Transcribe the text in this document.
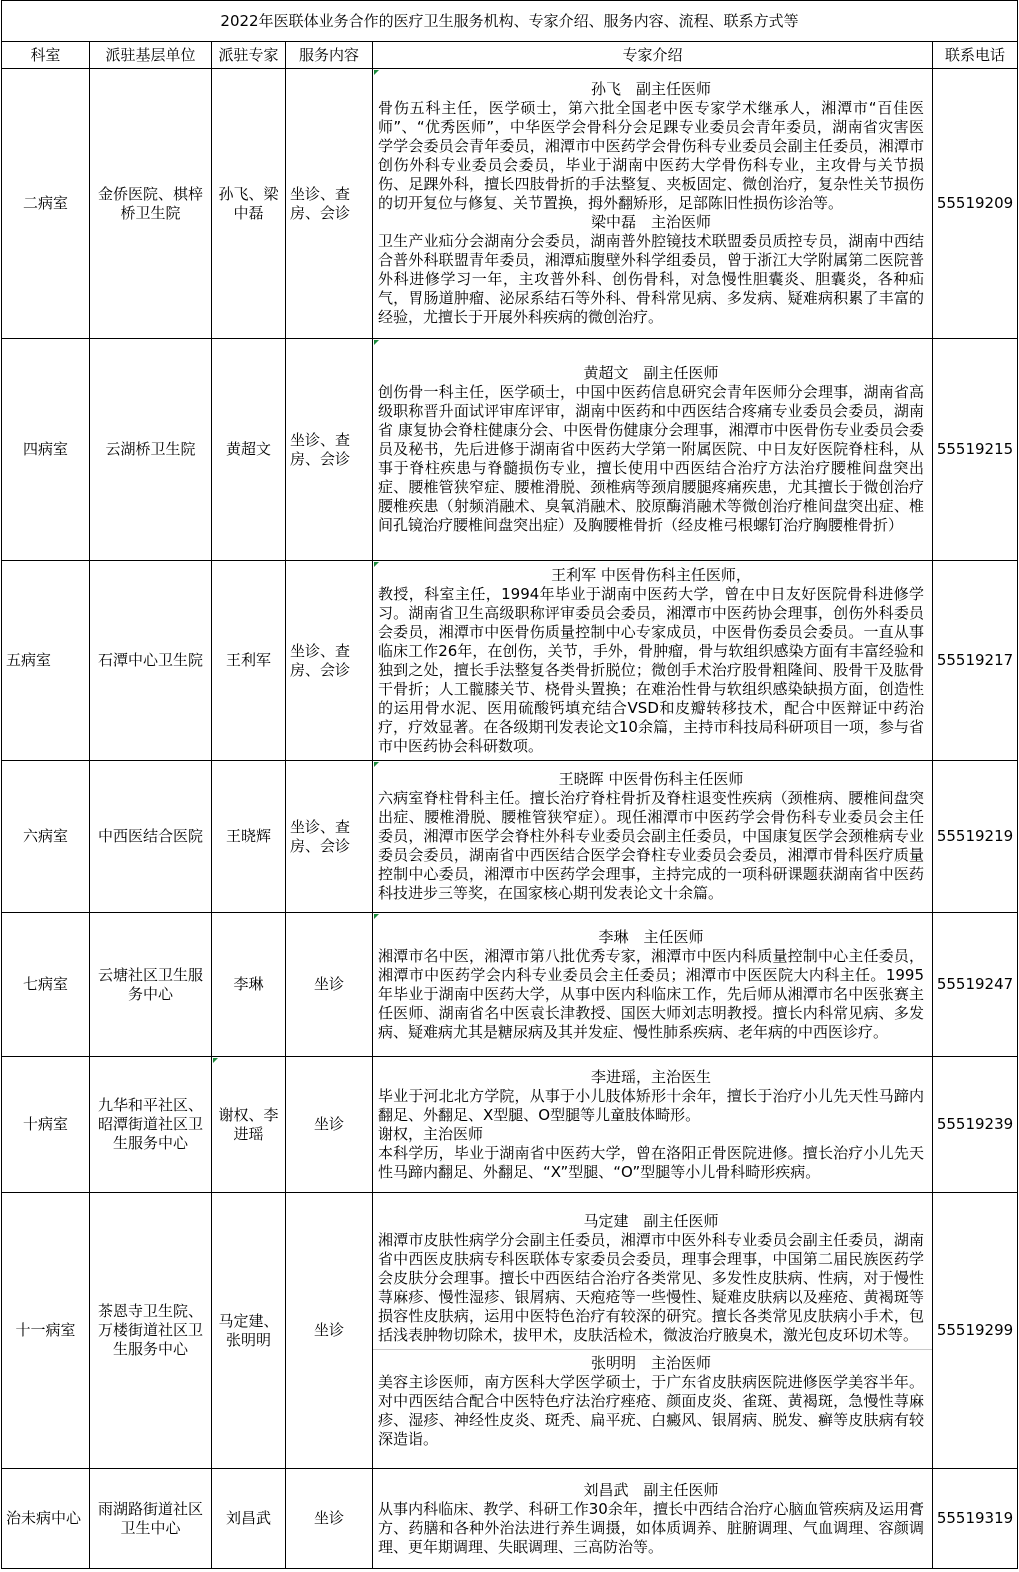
2022年医联体业务合作的医疗卫生服务机构、专家介绍、服务内容、流程、联系方式等					
科室	派驻基层单位	派驻专家	服务内容	专家介绍	联系电话
二病室	金侨医院、棋梓桥卫生院	孙飞、梁中磊	坐诊、查房、会诊	孙飞　副主任医师
骨伤五科主任，医学硕士，第六批全国老中医专家学术继承人，湘潭市“百佳医师”、“优秀医师”，中华医学会骨科分会足踝专业委员会青年委员，湖南省灾害医学学会委员会青年委员，湘潭市中医药学会骨伤科专业委员会副主任委员，湘潭市创伤外科专业委员会委员，毕业于湖南中医药大学骨伤科专业，主攻骨与关节损伤、足踝外科，擅长四肢骨折的手法整复、夹板固定、微创治疗，复杂性关节损伤的切开复位与修复、关节置换，拇外翻矫形，足部陈旧性损伤诊治等。
梁中磊　主治医师
卫生产业疝分会湖南分会委员，湖南普外腔镜技术联盟委员质控专员，湖南中西结合普外科联盟青年委员，湘潭疝腹壁外科学组委员，曾于浙江大学附属第二医院普外科进修学习一年，主攻普外科、创伤骨科，对急慢性胆囊炎、胆囊炎，各种疝气，胃肠道肿瘤、泌尿系结石等外科、骨科常见病、多发病、疑难病积累了丰富的经验，尤擅长于开展外科疾病的微创治疗。	55519209
四病室	云湖桥卫生院	黄超文	坐诊、查房、会诊	黄超文　副主任医师
创伤骨一科主任，医学硕士，中国中医药信息研究会青年医师分会理事，湖南省高级职称晋升面试评审库评审，湖南中医药和中西医结合疼痛专业委员会委员，湖南省 康复协会脊柱健康分会、中医骨伤健康分会理事，湘潭市中医骨伤专业委员会委员及秘书，先后进修于湖南省中医药大学第一附属医院、中日友好医院脊柱科，从事于脊柱疾患与脊髓损伤专业，擅长使用中西医结合治疗方法治疗腰椎间盘突出症、腰椎管狭窄症、腰椎滑脱、颈椎病等颈肩腰腿疼痛疾患，尤其擅长于微创治疗腰椎疾患（射频消融术、臭氧消融术、胶原酶消融术等微创治疗椎间盘突出症、椎间孔镜治疗腰椎间盘突出症）及胸腰椎骨折（经皮椎弓根螺钉治疗胸腰椎骨折）	55519215
五病室	石潭中心卫生院	王利军	坐诊、查房、会诊	王利军 中医骨伤科主任医师，
教授，科室主任，1994年毕业于湖南中医药大学，曾在中日友好医院骨科进修学习。湖南省卫生高级职称评审委员会委员，湘潭市中医药协会理事，创伤外科委员会委员，湘潭市中医骨伤质量控制中心专家成员，中医骨伤委员会委员。一直从事临床工作26年，在创伤，关节，手外，骨肿瘤，骨与软组织感染方面有丰富经验和独到之处，擅长手法整复各类骨折脱位；微创手术治疗股骨粗隆间、股骨干及肱骨干骨折；人工髋膝关节、桡骨头置换；在难治性骨与软组织感染缺损方面，创造性的运用骨水泥、医用硫酸钙填充结合VSD和皮瓣转移技术，配合中医辩证中药治疗，疗效显著。在各级期刊发表论文10余篇，主持市科技局科研项目一项，参与省市中医药协会科研数项。	55519217
六病室	中西医结合医院	王晓辉	坐诊、查房、会诊	王晓晖 中医骨伤科主任医师
六病室脊柱骨科主任。擅长治疗脊柱骨折及脊柱退变性疾病（颈椎病、腰椎间盘突出症、腰椎滑脱、腰椎管狭窄症）。现任湘潭市中医药学会骨伤科专业委员会主任委员，湘潭市医学会脊柱外科专业委员会副主任委员，中国康复医学会颈椎病专业委员会委员，湖南省中西医结合医学会脊柱专业委员会委员，湘潭市骨科医疗质量控制中心委员，湘潭市中医药学会理事，主持完成的一项科研课题获湖南省中医药科技进步三等奖，在国家核心期刊发表论文十余篇。	55519219
七病室	云塘社区卫生服务中心	李琳	坐诊	李琳　主任医师
湘潭市名中医，湘潭市第八批优秀专家，湘潭市中医内科质量控制中心主任委员，湘潭市中医药学会内科专业委员会主任委员；湘潭市中医医院大内科主任。1995年毕业于湖南中医药大学，从事中医内科临床工作，先后师从湘潭市名中医张赛主任医师、湖南省名中医袁长津教授、国医大师刘志明教授。擅长内科常见病、多发病、疑难病尤其是糖尿病及其并发症、慢性肺系疾病、老年病的中西医诊疗。	55519247
十病室	九华和平社区、昭潭街道社区卫生服务中心	谢权、李进瑶	坐诊	李进瑶，主治医生
毕业于河北北方学院，从事于小儿肢体矫形十余年，擅长于治疗小儿先天性马蹄内翻足、外翻足、X型腿、O型腿等儿童肢体畸形。
谢权，主治医师
本科学历，毕业于湖南省中医药大学，曾在洛阳正骨医院进修。擅长治疗小儿先天性马蹄内翻足、外翻足、“X”型腿、“O”型腿等小儿骨科畸形疾病。	55519239
十一病室	茶恩寺卫生院、万楼街道社区卫生服务中心	马定建、张明明	坐诊	马定建　副主任医师
湘潭市皮肤性病学分会副主任委员，湘潭市中医外科专业委员会副主任委员，湖南省中西医皮肤病专科医联体专家委员会委员，理事会理事，中国第二届民族医药学会皮肤分会理事。擅长中西医结合治疗各类常见、多发性皮肤病、性病，对于慢性荨麻疹、慢性湿疹、银屑病、天疱疮等一些慢性、疑难皮肤病以及痤疮、黄褐斑等损容性皮肤病，运用中医特色治疗有较深的研究。擅长各类常见皮肤病小手术，包括浅表肿物切除术，拔甲术，皮肤活检术，微波治疗腋臭术，激光包皮环切术等。
张明明　主治医师
美容主诊医师，南方医科大学医学硕士，于广东省皮肤病医院进修医学美容半年。对中西医结合配合中医特色疗法治疗痤疮、颜面皮炎、雀斑、黄褐斑，急慢性荨麻疹、湿疹、神经性皮炎、斑秃、扁平疣、白癜风、银屑病、脱发、癣等皮肤病有较深造诣。	55519299
治未病中心	雨湖路街道社区卫生中心	刘昌武	坐诊	刘昌武　副主任医师
从事内科临床、教学、科研工作30余年，擅长中西结合治疗心脑血管疾病及运用膏方、药膳和各种外治法进行养生调摄，如体质调养、脏腑调理、气血调理、容颜调理、更年期调理、失眠调理、三高防治等。	55519319
